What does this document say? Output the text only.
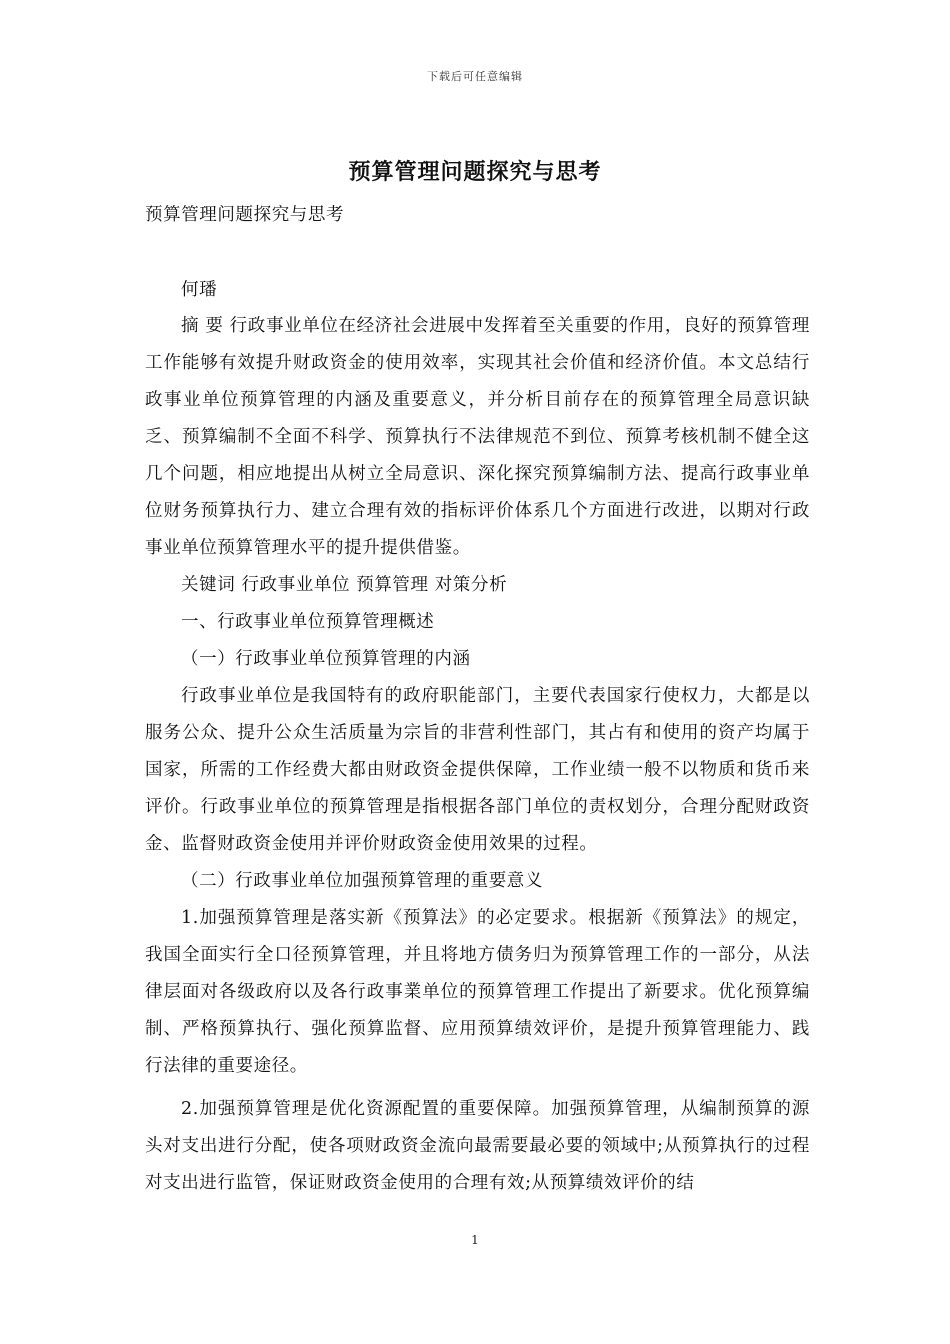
下载后可任意编辑
预算管理问题探究与思考
预算管理问题探究与思考
何璠

摘 要 行政事业单位在经济社会进展中发挥着至关重要的作用，良好的预算管理工作能够有效提升财政资金的使用效率，实现其社会价值和经济价值。本文总结行政事业单位预算管理的内涵及重要意义，并分析目前存在的预算管理全局意识缺乏、预算编制不全面不科学、预算执行不法律规范不到位、预算考核机制不健全这几个问题，相应地提出从树立全局意识、深化探究预算编制方法、提高行政事业单位财务预算执行力、建立合理有效的指标评价体系几个方面进行改进，以期对行政事业单位预算管理水平的提升提供借鉴。

关键词 行政事业单位 预算管理 对策分析

一、行政事业单位预算管理概述

（一）行政事业单位预算管理的内涵

行政事业单位是我国特有的政府职能部门，主要代表国家行使权力，大都是以服务公众、提升公众生活质量为宗旨的非营利性部门，其占有和使用的资产均属于国家，所需的工作经费大都由财政资金提供保障，工作业绩一般不以物质和货币来评价。行政事业单位的预算管理是指根据各部门单位的责权划分，合理分配财政资金、监督财政资金使用并评价财政资金使用效果的过程。

（二）行政事业单位加强预算管理的重要意义

1.加强预算管理是落实新《预算法》的必定要求。根据新《预算法》的规定，我国全面实行全口径预算管理，并且将地方债务归为预算管理工作的一部分，从法律层面对各级政府以及各行政事業单位的预算管理工作提出了新要求。优化预算编制、严格预算执行、强化预算监督、应用预算绩效评价，是提升预算管理能力、践行法律的重要途径。

2.加强预算管理是优化资源配置的重要保障。加强预算管理，从编制预算的源头对支出进行分配，使各项财政资金流向最需要最必要的领域中;从预算执行的过程对支出进行监管，保证财政资金使用的合理有效;从预算绩效评价的结

1
